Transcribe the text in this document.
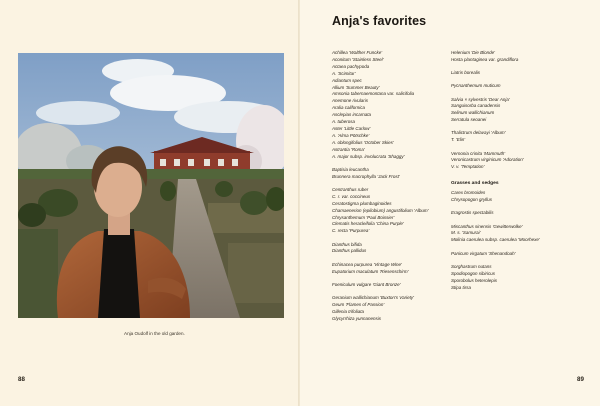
Anja Oudolf in the old garden.
88
Anja's favorites
Achillea 'Walther Funcke'
Aconitum 'Stainless Steel'
Actaea pachypoda
A. 'Scimitar'
Adiantum spec
Allium 'Summer Beauty'
Amsonia tabernaemontana var. salicifolia
Anemone rivularis
Aralia californica
Asclepias incarnata
A. tuberosa
Aster 'Little Carlow'
A. 'Alma Pötschke'
A. oblongifolius 'October Skies'
Astrantia 'Roma'
A. major subsp. involucrata 'Shaggy'
Baptisia leucantha
Brunnera macrophylla 'Jack Frost'
Centranthus ruber
C. r. var. coccineus
Ceratostigma plumbaginoides
Chamaenerion (epilobium) angustifolium 'Album'
Chrysanthemum 'Paul Boissier'
Clematis heracleifolia 'China Purple'
C. recta 'Purpurea'
Dianthus bifida
Dianthus pallidus
Echinacea purpurea 'Vintage Wine'
Eupatorium maculatum 'Riesenschirm'
Foeniculum vulgare 'Giant Bronze'
Geranium wallichianum 'Buxton's Variety'
Geum 'Flames of Passion'
Gillenia trifoliata
Glycyrrhiza yunnanensis
Helenium 'Die Blonde'
Hosta plantaginea var. grandiflora
Liatris borealis
Pycnanthemum muticum
Salvia × sylvestris 'Dear Anja'
Sanguisorba canadensis
Selinum wallichianum
Serratula seoanei
Thalictrum delavayi 'Album'
T. 'Elin'
Vernonia crinita 'Mammuth'
Veronicastrum virginicum 'Adoration'
V. v. 'Temptation'
Grasses and sedges
Carex bromoides
Chrysopogon gryllus
Eragrostis spectabilis
Miscanthus sinensis 'Gewitterwolke'
M. s. 'Samurai'
Molinia caerulea subsp. caerulea 'Moorhexe'
Panicum virgatum 'Shenandoah'
Sorghastrum nutans
Spodiopogon sibiricus
Sporobolus heterolepis
Stipa tirsa
89
